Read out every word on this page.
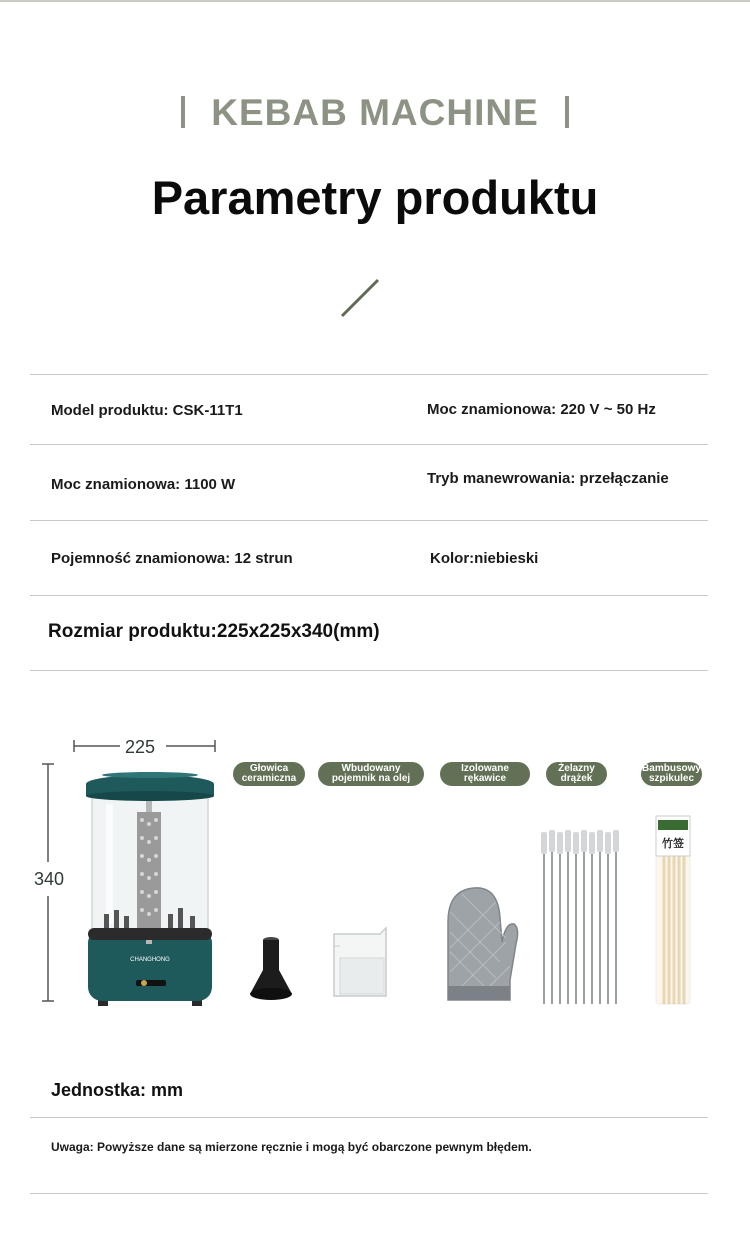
KEBAB MACHINE
Parametry produktu
Model produktu: CSK-11T1	Moc znamionowa: 220 V ~ 50 Hz
Moc znamionowa: 1100 W	Tryb manewrowania: przełączanie
Pojemność znamionowa: 12 strun	Kolor:niebieski
Rozmiar produktu:225x225x340(mm)
225
340
CHANGHONG
Głowica ceramiczna
Wbudowany pojemnik na olej
Izolowane rękawice
Żelazny drążek
Bambusowy szpikulec
竹签
Jednostka: mm
Uwaga: Powyższe dane są mierzone ręcznie i mogą być obarczone pewnym błędem.
